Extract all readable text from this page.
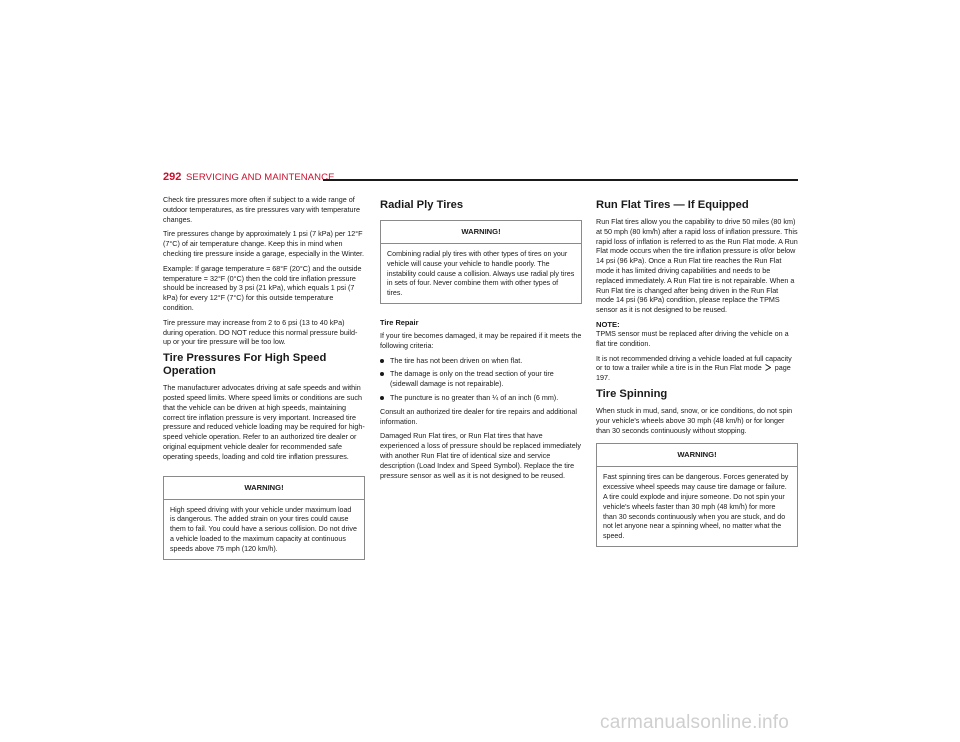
292 SERVICING AND MAINTENANCE

Check tire pressures more often if subject to a wide range of outdoor temperatures, as tire pressures vary with temperature changes.

Tire pressures change by approximately 1 psi (7 kPa) per 12°F (7°C) of air temperature change. Keep this in mind when checking tire pressure inside a garage, especially in the Winter.

Example: If garage temperature = 68°F (20°C) and the outside temperature = 32°F (0°C) then the cold tire inflation pressure should be increased by 3 psi (21 kPa), which equals 1 psi (7 kPa) for every 12°F (7°C) for this outside temperature condition.

Tire pressure may increase from 2 to 6 psi (13 to 40 kPa) during operation. DO NOT reduce this normal pressure build-up or your tire pressure will be too low.

Tire Pressures For High Speed Operation

The manufacturer advocates driving at safe speeds and within posted speed limits. Where speed limits or conditions are such that the vehicle can be driven at high speeds, maintaining correct tire inflation pressure is very important. Increased tire pressure and reduced vehicle loading may be required for high-speed vehicle operation. Refer to an authorized tire dealer or original equipment vehicle dealer for recommended safe operating speeds, loading and cold tire inflation pressures.

WARNING!
High speed driving with your vehicle under maximum load is dangerous. The added strain on your tires could cause them to fail. You could have a serious collision. Do not drive a vehicle loaded to the maximum capacity at continuous speeds above 75 mph (120 km/h).
Radial Ply Tires
WARNING!
Combining radial ply tires with other types of tires on your vehicle will cause your vehicle to handle poorly. The instability could cause a collision. Always use radial ply tires in sets of four. Never combine them with other types of tires.
Tire Repair

If your tire becomes damaged, it may be repaired if it meets the following criteria:

The tire has not been driven on when flat.
The damage is only on the tread section of your tire (sidewall damage is not repairable).
The puncture is no greater than ¼ of an inch (6 mm).

Consult an authorized tire dealer for tire repairs and additional information.

Damaged Run Flat tires, or Run Flat tires that have experienced a loss of pressure should be replaced immediately with another Run Flat tire of identical size and service description (Load Index and Speed Symbol). Replace the tire pressure sensor as well as it is not designed to be reused.

Run Flat Tires — If Equipped

Run Flat tires allow you the capability to drive 50 miles (80 km) at 50 mph (80 km/h) after a rapid loss of inflation pressure. This rapid loss of inflation is referred to as the Run Flat mode. A Run Flat mode occurs when the tire inflation pressure is of/or below 14 psi (96 kPa). Once a Run Flat tire reaches the Run Flat mode it has limited driving capabilities and needs to be replaced immediately. A Run Flat tire is not repairable. When a Run Flat tire is changed after being driven in the Run Flat mode 14 psi (96 kPa) condition, please replace the TPMS sensor as it is not designed to be reused.

NOTE:

TPMS sensor must be replaced after driving the vehicle on a flat tire condition.

It is not recommended driving a vehicle loaded at full capacity or to tow a trailer while a tire is in the Run Flat mode page 197.

Tire Spinning

When stuck in mud, sand, snow, or ice conditions, do not spin your vehicle's wheels above 30 mph (48 km/h) or for longer than 30 seconds continuously without stopping.

WARNING!
Fast spinning tires can be dangerous. Forces generated by excessive wheel speeds may cause tire damage or failure. A tire could explode and injure someone. Do not spin your vehicle's wheels faster than 30 mph (48 km/h) for more than 30 seconds continuously when you are stuck, and do not let anyone near a spinning wheel, no matter what the speed.
carmanualsonline.info
